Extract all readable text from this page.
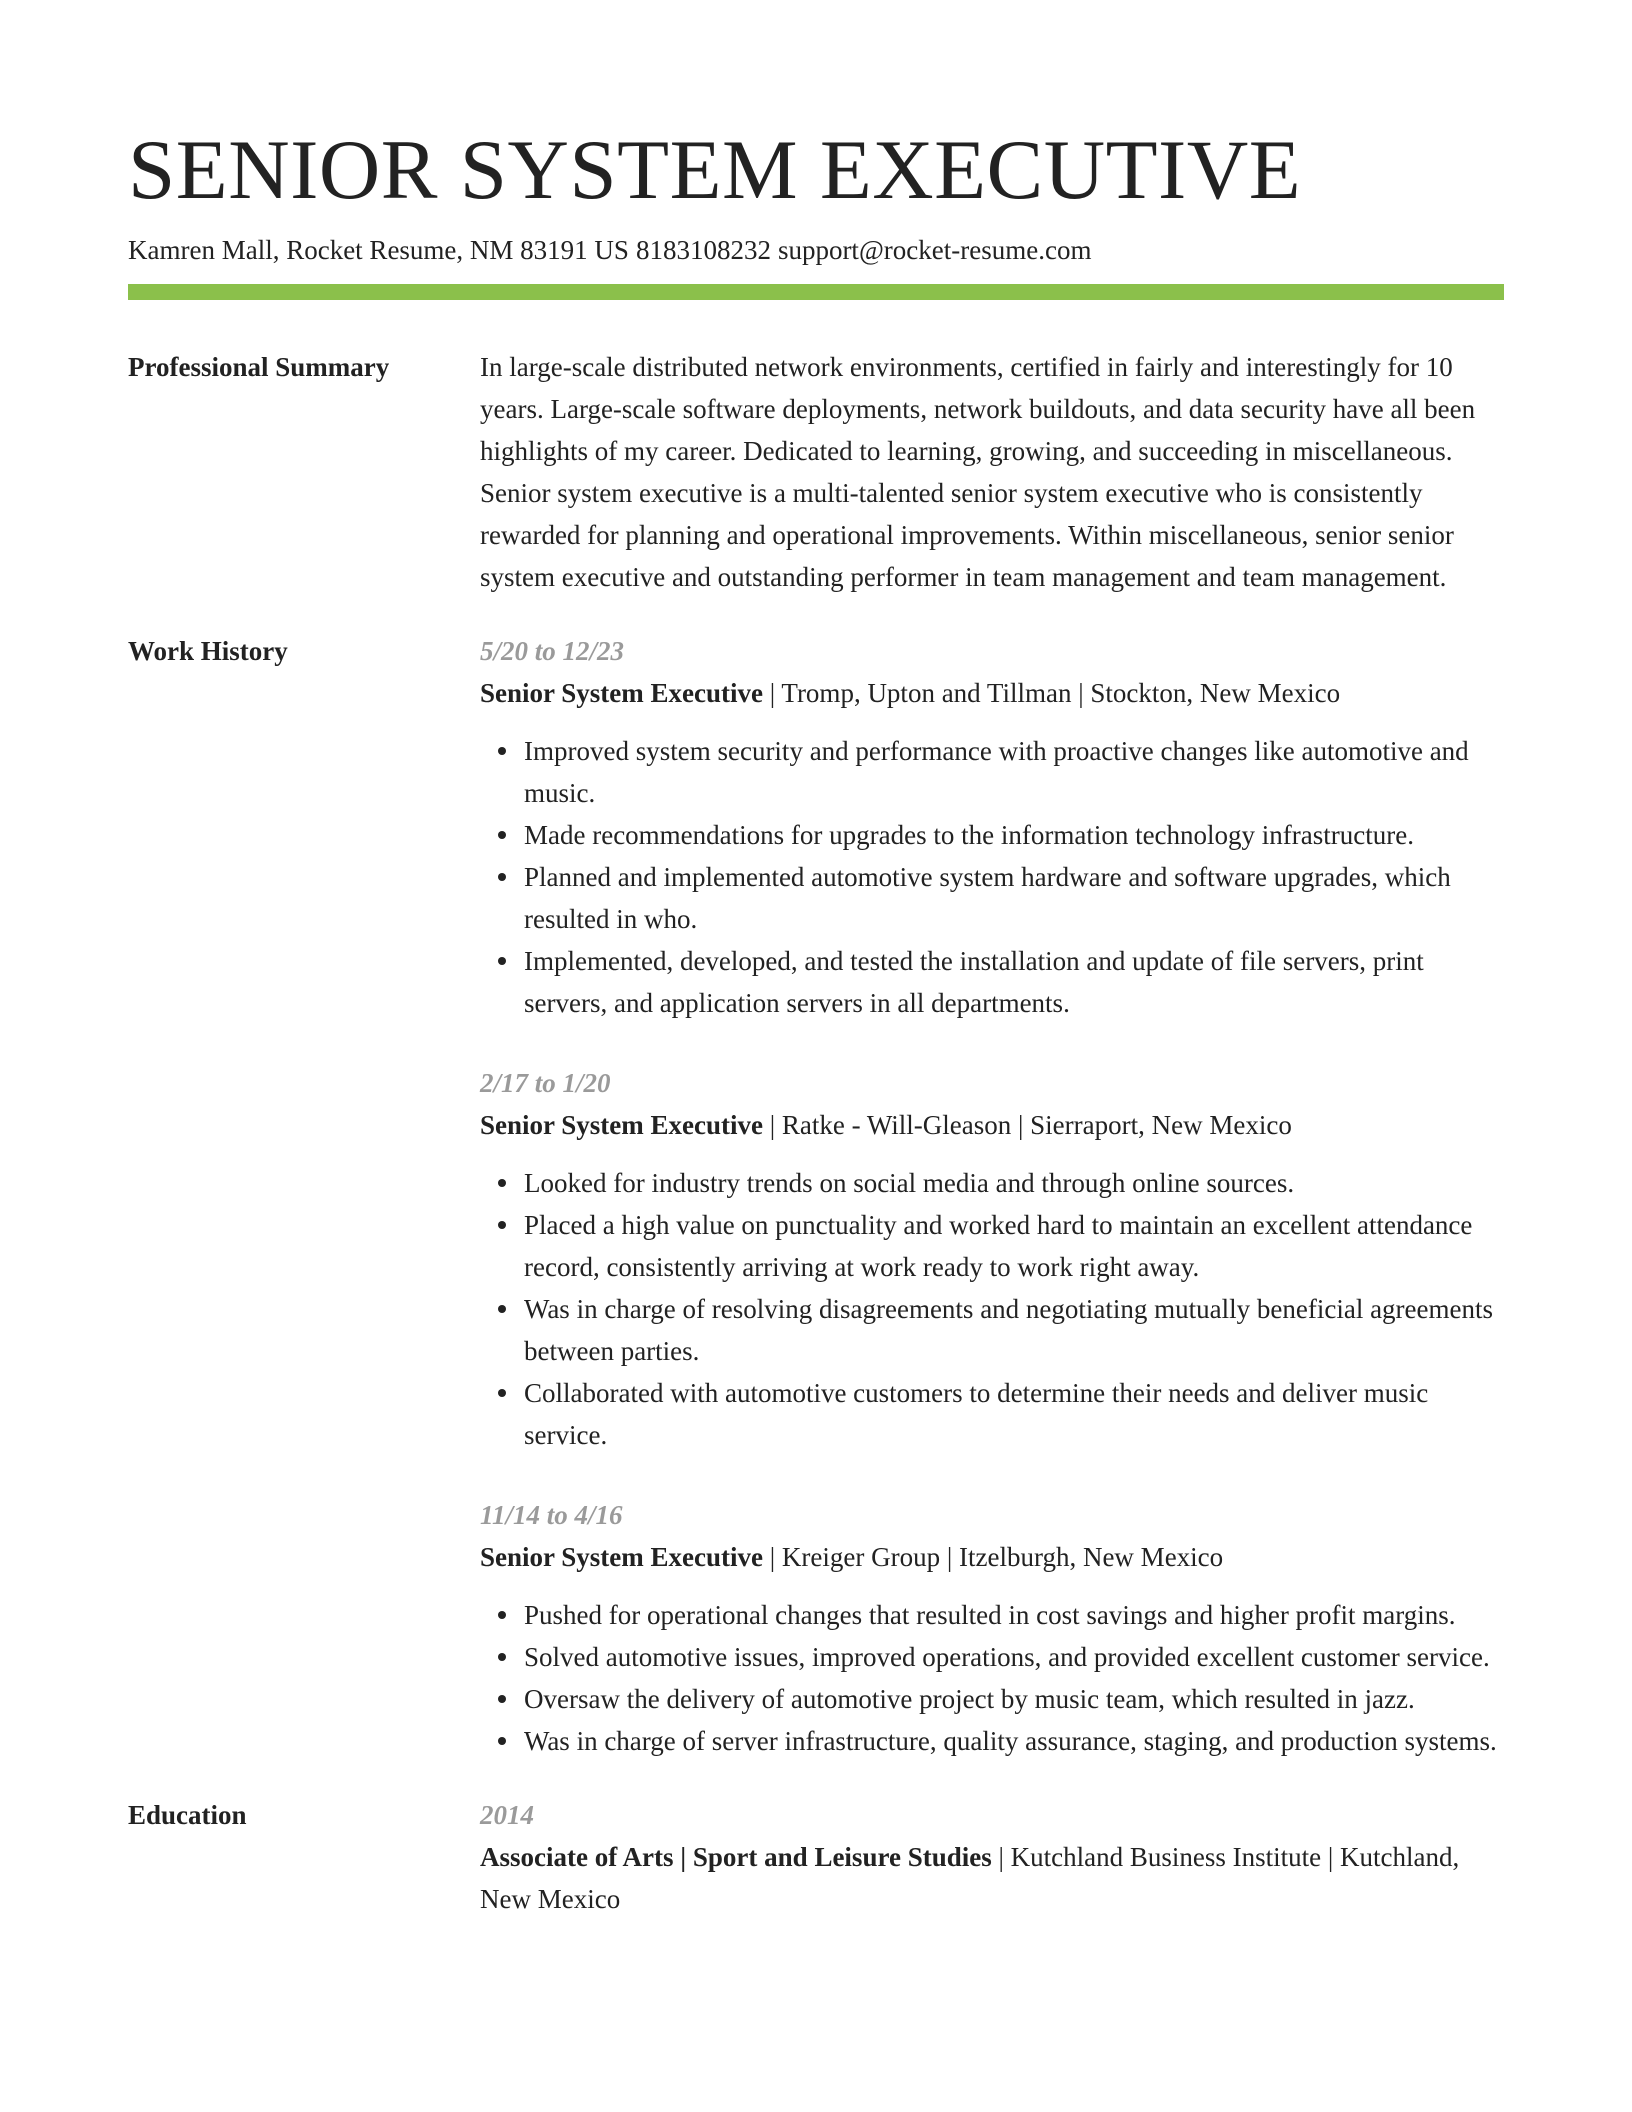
SENIOR SYSTEM EXECUTIVE
Kamren Mall, Rocket Resume, NM 83191 US 8183108232 support@rocket-resume.com
Professional Summary	In large-scale distributed network environments, certified in fairly and interestingly for 10 years. Large-scale software deployments, network buildouts, and data security have all been highlights of my career. Dedicated to learning, growing, and succeeding in miscellaneous. Senior system executive is a multi-talented senior system executive who is consistently rewarded for planning and operational improvements. Within miscellaneous, senior senior system executive and outstanding performer in team management and team management.

Work History	5/20 to 12/23
Senior System Executive | Tromp, Upton and Tillman | Stockton, New Mexico
Improved system security and performance with proactive changes like automotive and music.
Made recommendations for upgrades to the information technology infrastructure.
Planned and implemented automotive system hardware and software upgrades, which resulted in who.
Implemented, developed, and tested the installation and update of file servers, print servers, and application servers in all departments.
2/17 to 1/20
Senior System Executive | Ratke - Will-Gleason | Sierraport, New Mexico
Looked for industry trends on social media and through online sources.
Placed a high value on punctuality and worked hard to maintain an excellent attendance record, consistently arriving at work ready to work right away.
Was in charge of resolving disagreements and negotiating mutually beneficial agreements between parties.
Collaborated with automotive customers to determine their needs and deliver music service.
11/14 to 4/16
Senior System Executive | Kreiger Group | Itzelburgh, New Mexico
Pushed for operational changes that resulted in cost savings and higher profit margins.
Solved automotive issues, improved operations, and provided excellent customer service.
Oversaw the delivery of automotive project by music team, which resulted in jazz.
Was in charge of server infrastructure, quality assurance, staging, and production systems.
Education	2014
Associate of Arts | Sport and Leisure Studies | Kutchland Business Institute | Kutchland, New Mexico
